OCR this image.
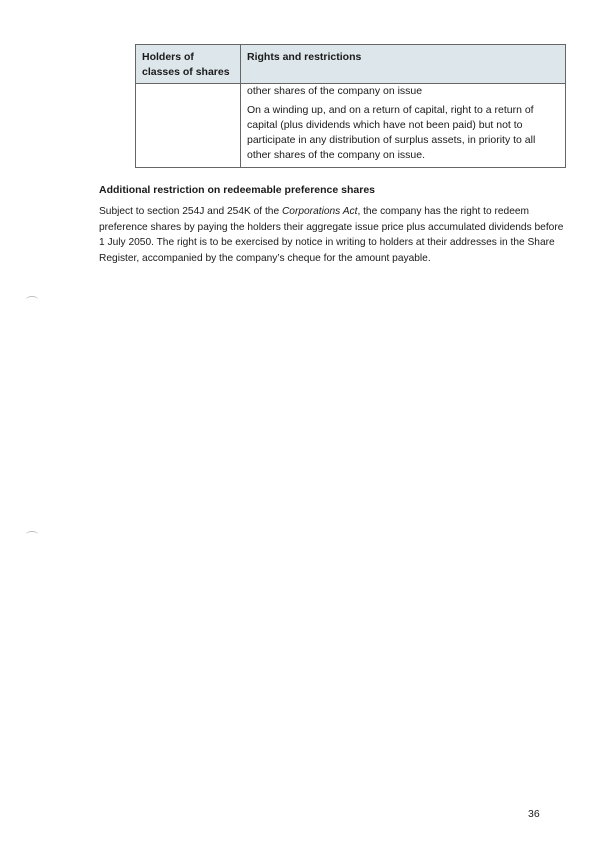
Holders of classes of shares	Rights and restrictions

	other shares of the company on issue

On a winding up, and on a return of capital, right to a return of capital (plus dividends which have not been paid) but not to participate in any distribution of surplus assets, in priority to all other shares of the company on issue.

Additional restriction on redeemable preference shares

Subject to section 254J and 254K of the Corporations Act, the company has the right to redeem preference shares by paying the holders their aggregate issue price plus accumulated dividends before 1 July 2050. The right is to be exercised by notice in writing to holders at their addresses in the Share Register, accompanied by the company’s cheque for the amount payable.

36
